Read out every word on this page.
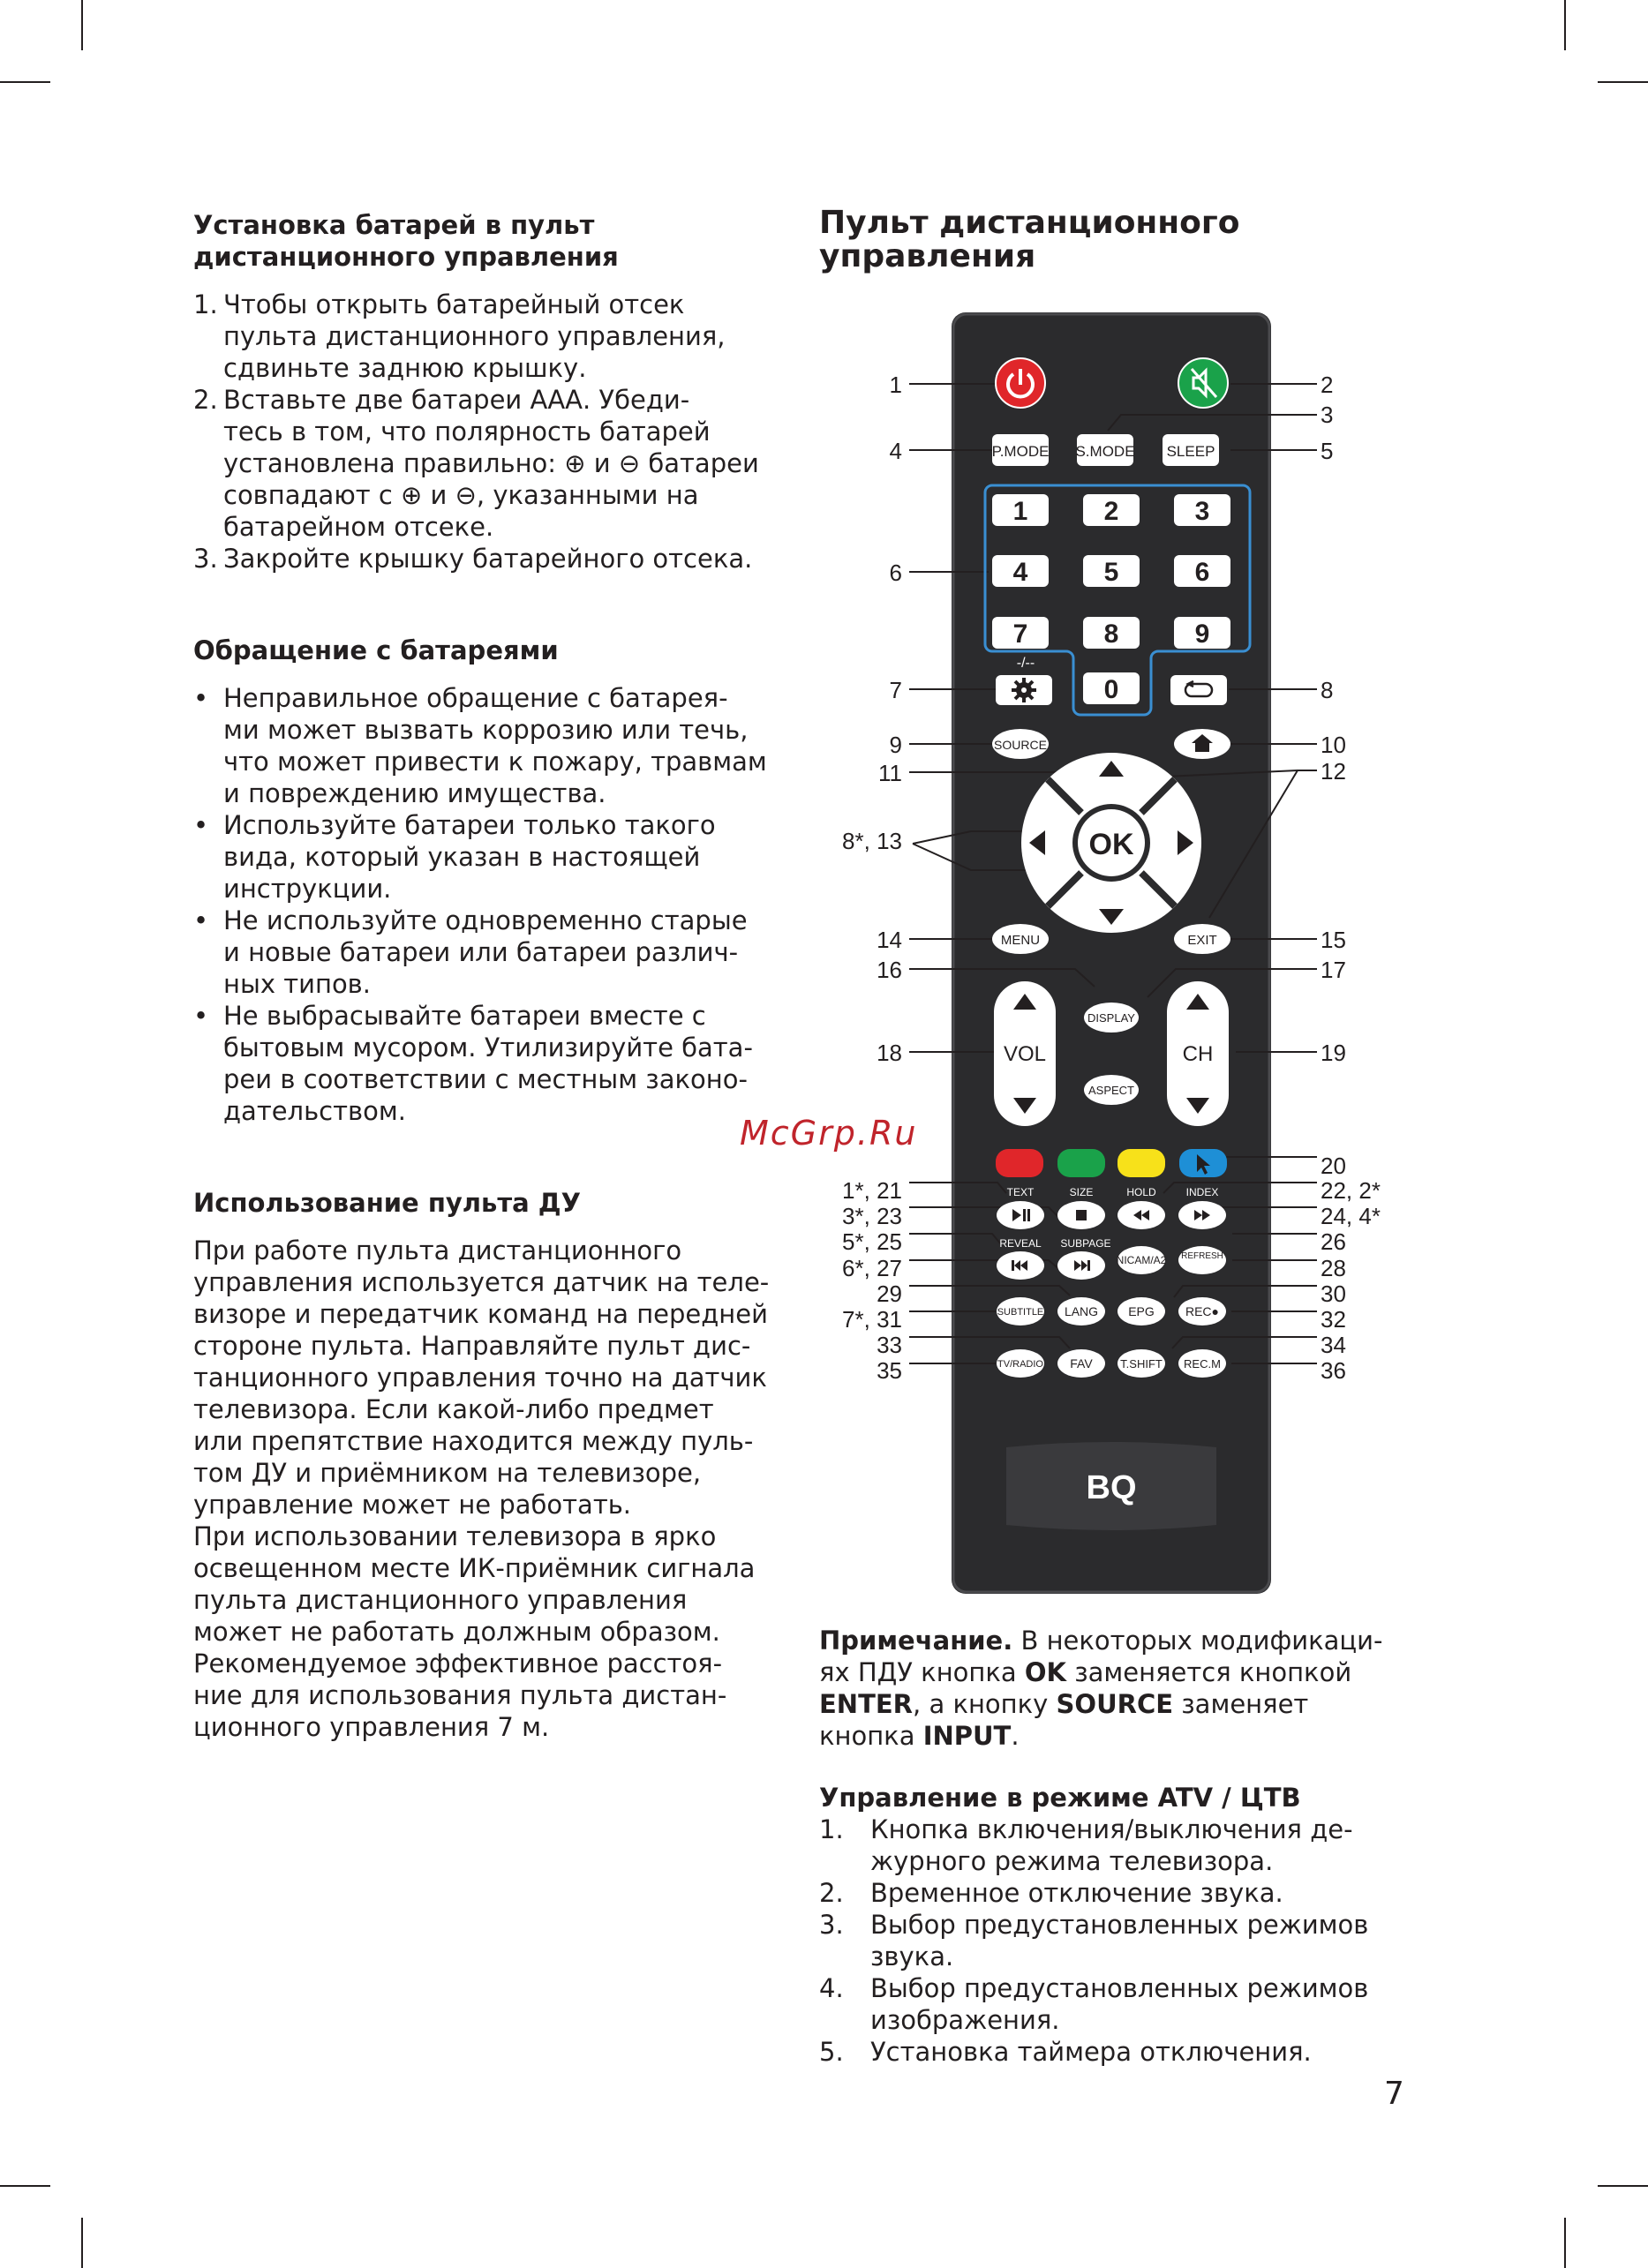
Установка батарей в пульт
дистанционного управления
1. Чтобы открыть батарейный отсек
пульта дистанционного управления,
сдвиньте заднюю крышку.
2. Вставьте две батареи ААА. Убеди-
тесь в том, что полярность батарей
установлена правильно: ⊕ и ⊖ батареи
совпадают с ⊕ и ⊖, указанными на
батарейном отсеке.
3. Закройте крышку батарейного отсека.
Обращение с батареями
• Неправильное обращение с батарея-
ми может вызвать коррозию или течь,
что может привести к пожару, травмам
и повреждению имущества.
• Используйте батареи только такого
вида, который указан в настоящей
инструкции.
• Не используйте одновременно старые
и новые батареи или батареи различ-
ных типов.
• Не выбрасывайте батареи вместе с
бытовым мусором. Утилизируйте бата-
реи в соответствии с местным законо-
дательством.
Использование пульта ДУ
При работе пульта дистанционного
управления используется датчик на теле-
визоре и передатчик команд на передней
стороне пульта. Направляйте пульт дис-
танционного управления точно на датчик
телевизора. Если какой-либо предмет
или препятствие находится между пуль-
том ДУ и приёмником на телевизоре,
управление может не работать.
При использовании телевизора в ярко
освещенном месте ИК-приёмник сигнала
пульта дистанционного управления
может не работать должным образом.
Рекомендуемое эффективное расстоя-
ние для использования пульта дистан-
ционного управления 7 м.
Пульт дистанционного
управления
P.MODE S.MODE SLEEP
1	2	3
4	5	6
7	8	9
-/--
0
SOURCE
OK
MENU	EXIT
VOL	CH
DISPLAY
ASPECT
TEXT	SIZE	HOLD	INDEX
REVEAL SUBPAGE
NICAM/A2 REFRESH
SUBTITLE LANG EPG	REC●
TV/RADIO FAV T.SHIFT REC.M
BQ
1
4
6
7
9
11
8*, 13
14
16
18
1*, 21
3*, 23
5*, 25
6*, 27
29
7*, 31
33
35
2
3
5
8
10
12
15
17
19
20
22, 2*
24, 4*
26
28
30
32
34
36
McGrp.Ru
Примечание. В некоторых модификаци-
ях ПДУ кнопка OK заменяется кнопкой
ENTER, а кнопку SOURCE заменяет
кнопка INPUT.
Управление в режиме ATV / ЦТВ
1. Кнопка включения/выключения де-
журного режима телевизора.
2. Временное отключение звука.
3. Выбор предустановленных режимов
звука.
4. Выбор предустановленных режимов
изображения.
5. Установка таймера отключения.
7
